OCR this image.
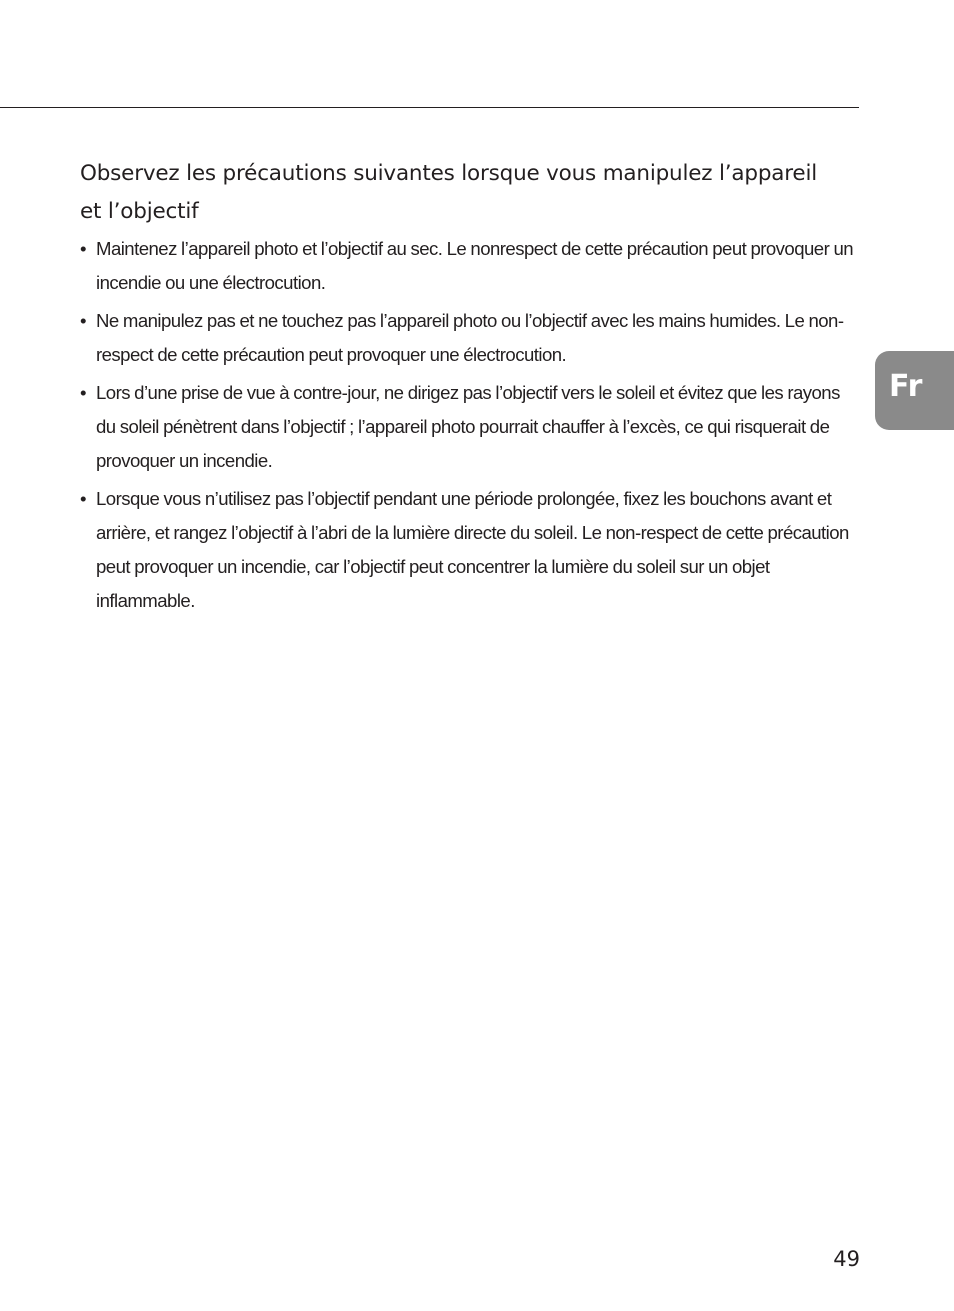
Observez les précautions suivantes lorsque vous manipulez l’appareil et l’objectif
• Maintenez l’appareil photo et l’objectif au sec. Le nonrespect de cette précaution peut provoquer un incendie ou une électrocution.
• Ne manipulez pas et ne touchez pas l’appareil photo ou l’objectif avec les mains humides. Le non-respect de cette précaution peut provoquer une électrocution.
• Lors d’une prise de vue à contre-jour, ne dirigez pas l’objectif vers le soleil et évitez que les rayons du soleil pénètrent dans l’objectif ; l’appareil photo pourrait chauffer à l’excès, ce qui risquerait de provoquer un incendie.
• Lorsque vous n’utilisez pas l’objectif pendant une période prolongée, fixez les bouchons avant et arrière, et rangez l’objectif à l’abri de la lumière directe du soleil. Le non-respect de cette précaution peut provoquer un incendie, car l’objectif peut concentrer la lumière du soleil sur un objet inflammable.
Fr
49
